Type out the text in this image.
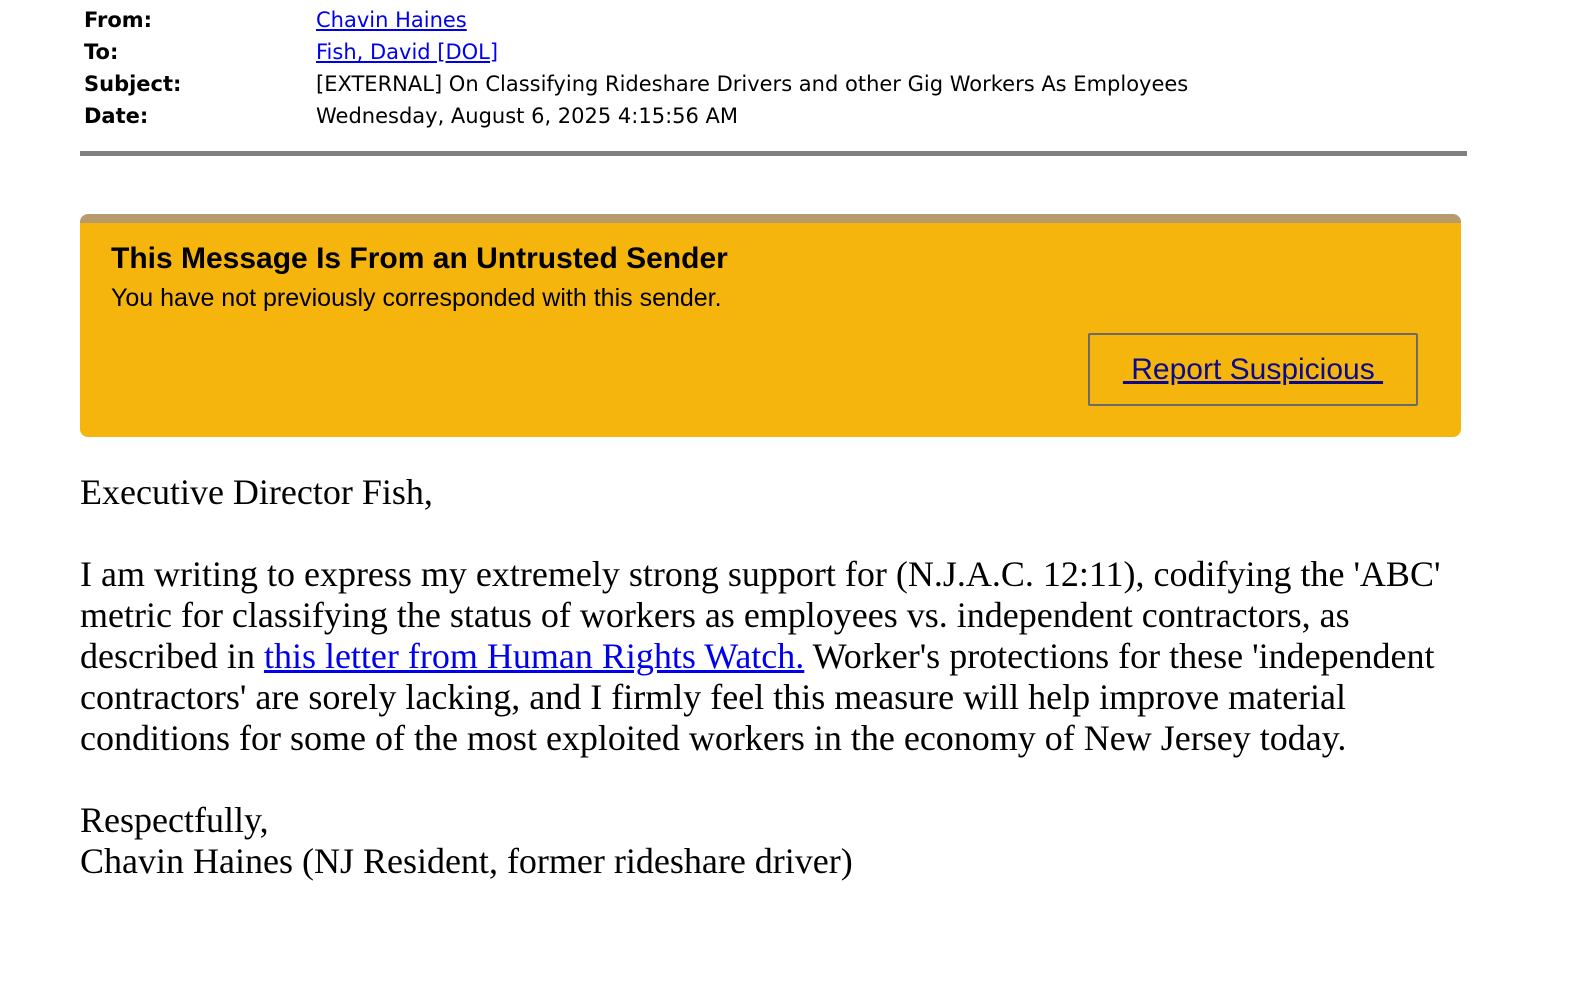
From:	Chavin Haines
To:	Fish, David [DOL]
Subject:	[EXTERNAL] On Classifying Rideshare Drivers and other Gig Workers As Employees
Date:	Wednesday, August 6, 2025 4:15:56 AM
This Message Is From an Untrusted Sender
You have not previously corresponded with this sender.
Report Suspicious

Executive Director Fish,

I am writing to express my extremely strong support for (N.J.A.C. 12:11), codifying the 'ABC' metric for classifying the status of workers as employees vs. independent contractors, as described in this letter from Human Rights Watch. Worker's protections for these 'independent contractors' are sorely lacking, and I firmly feel this measure will help improve material conditions for some of the most exploited workers in the economy of New Jersey today.

Respectfully,

Chavin Haines (NJ Resident, former rideshare driver)
